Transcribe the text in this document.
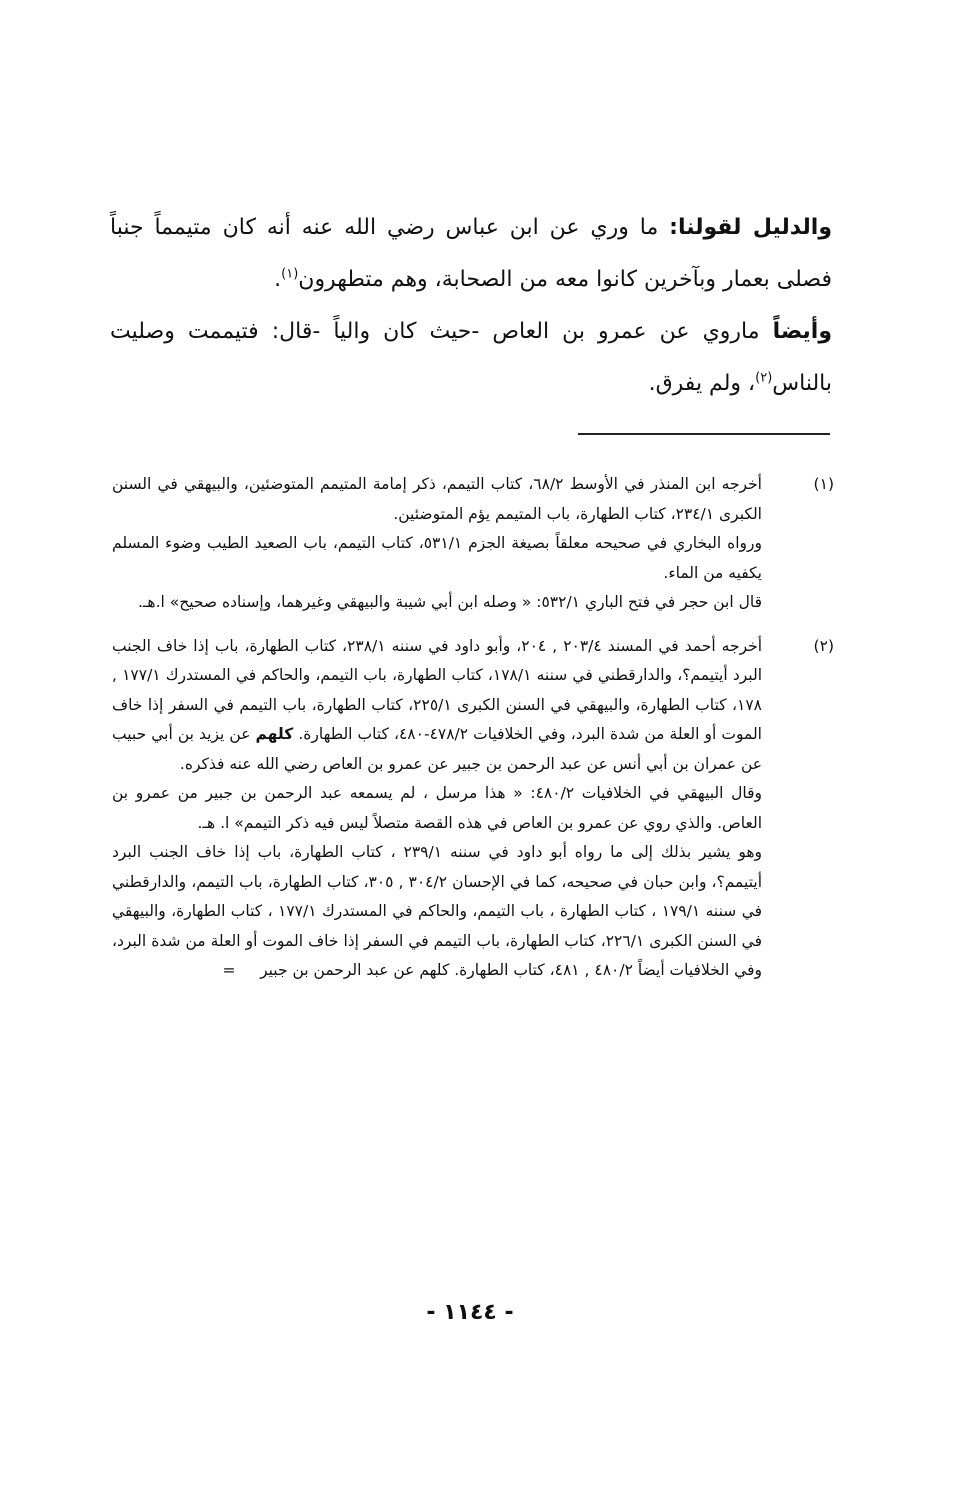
والدليل لقولنا: ما وري عن ابن عباس رضي الله عنه أنه كان متيمماً جنباً فصلى بعمار وبآخرين كانوا معه من الصحابة، وهم متطهرون$^{(١)}$.

وأيضاً ماروي عن عمرو بن العاص -حيث كان والياً -قال: فتيممت وصليت بالناس$^{(٢)}$، ولم يفرق.

(١)

أخرجه ابن المنذر في الأوسط ٦٨/٢، كتاب التيمم، ذكر إمامة المتيمم المتوضئين، والبيهقي في السنن الكبرى ٢٣٤/١، كتاب الطهارة، باب المتيمم يؤم المتوضئين.

ورواه البخاري في صحيحه معلقاً بصيغة الجزم ٥٣١/١، كتاب التيمم، باب الصعيد الطيب وضوء المسلم يكفيه من الماء.

قال ابن حجر في فتح الباري ٥٣٢/١: « وصله ابن أبي شيبة والبيهقي وغيرهما، وإسناده صحيح» ا.هـ.

(٢)

أخرجه أحمد في المسند ٢٠٣/٤ , ٢٠٤، وأبو داود في سننه ٢٣٨/١، كتاب الطهارة، باب إذا خاف الجنب البرد أيتيمم؟، والدارقطني في سننه ١٧٨/١، كتاب الطهارة، باب التيمم، والحاكم في المستدرك ١٧٧/١ , ١٧٨، كتاب الطهارة، والبيهقي في السنن الكبرى ٢٢٥/١، كتاب الطهارة، باب التيمم في السفر إذا خاف الموت أو العلة من شدة البرد، وفي الخلافيات ٤٧٨/٢-٤٨٠، كتاب الطهارة. كلهم عن يزيد بن أبي حبيب عن عمران بن أبي أنس عن عبد الرحمن بن جبير عن عمرو بن العاص رضي الله عنه فذكره.

وقال البيهقي في الخلافيات ٤٨٠/٢: « هذا مرسل ، لم يسمعه عبد الرحمن بن جبير من عمرو بن العاص. والذي روي عن عمرو بن العاص في هذه القصة متصلاً ليس فيه ذكر التيمم» ا. هـ.

وهو يشير بذلك إلى ما رواه أبو داود في سننه ٢٣٩/١ ، كتاب الطهارة، باب إذا خاف الجنب البرد أيتيمم؟، وابن حبان في صحيحه، كما في الإحسان ٣٠٤/٢ , ٣٠٥، كتاب الطهارة، باب التيمم، والدارقطني في سننه ١٧٩/١ ، كتاب الطهارة ، باب التيمم، والحاكم في المستدرك ١٧٧/١ ، كتاب الطهارة، والبيهقي في السنن الكبرى ٢٢٦/١، كتاب الطهارة، باب التيمم في السفر إذا خاف الموت أو العلة من شدة البرد، وفي الخلافيات أيضاً ٤٨٠/٢ , ٤٨١، كتاب الطهارة. كلهم عن عبد الرحمن بن جبير     =

- ١١٤٤ -
